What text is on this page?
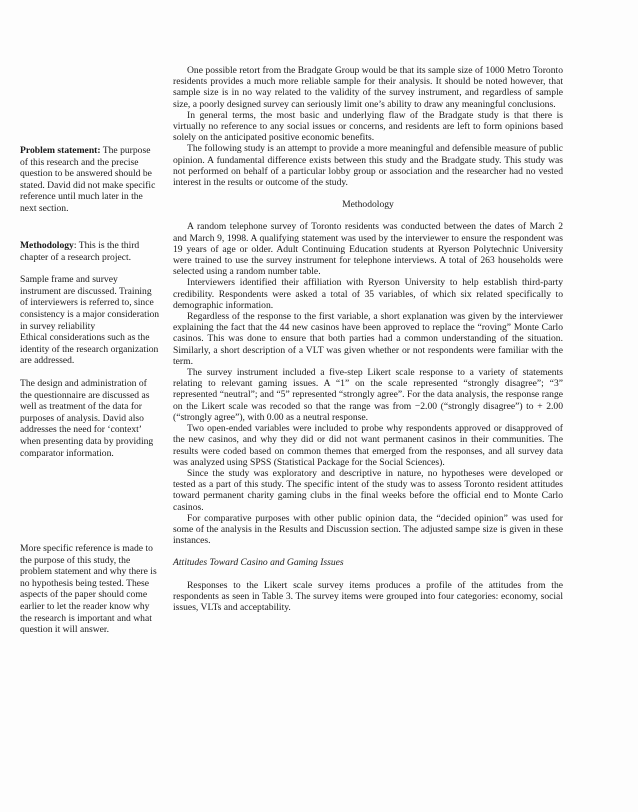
Problem statement: The purpose of this research and the precise question to be answered should be stated. David did not make specific reference until much later in the next section.

Methodology: This is the third chapter of a research project.

Sample frame and survey instrument are discussed. Training of interviewers is referred to, since consistency is a major consideration in survey reliability

Ethical considerations such as the identity of the research organization are addressed.

The design and administration of the questionnaire are discussed as well as treatment of the data for purposes of analysis. David also addresses the need for ‘context’ when presenting data by providing comparator information.

More specific reference is made to the purpose of this study, the problem statement and why there is no hypothesis being tested. These aspects of the paper should come earlier to let the reader know why the research is important and what question it will answer.

One possible retort from the Bradgate Group would be that its sample size of 1000 Metro Toronto residents provides a much more reliable sample for their analysis. It should be noted however, that sample size is in no way related to the validity of the survey instrument, and regardless of sample size, a poorly designed survey can seriously limit one’s ability to draw any meaningful conclusions.

In general terms, the most basic and underlying flaw of the Bradgate study is that there is virtually no reference to any social issues or concerns, and residents are left to form opinions based solely on the anticipated positive economic benefits.

The following study is an attempt to provide a more meaningful and defensible measure of public opinion. A fundamental difference exists between this study and the Bradgate study. This study was not performed on behalf of a particular lobby group or association and the researcher had no vested interest in the results or outcome of the study.

Methodology

A random telephone survey of Toronto residents was conducted between the dates of March 2 and March 9, 1998. A qualifying statement was used by the interviewer to ensure the respondent was 19 years of age or older. Adult Continuing Education students at Ryerson Polytechnic University were trained to use the survey instrument for telephone interviews. A total of 263 households were selected using a random number table.

Interviewers identified their affiliation with Ryerson University to help establish third-party credibility. Respondents were asked a total of 35 variables, of which six related specifically to demographic information.

Regardless of the response to the first variable, a short explanation was given by the interviewer explaining the fact that the 44 new casinos have been approved to replace the “roving” Monte Carlo casinos. This was done to ensure that both parties had a common understanding of the situation. Similarly, a short description of a VLT was given whether or not respondents were familiar with the term.

The survey instrument included a five-step Likert scale response to a variety of statements relating to relevant gaming issues. A “1” on the scale represented “strongly disagree”; “3” represented “neutral”; and “5” represented “strongly agree”. For the data analysis, the response range on the Likert scale was recoded so that the range was from −2.00 (“strongly disagree”) to + 2.00 (“strongly agree”), with 0.00 as a neutral response.

Two open-ended variables were included to probe why respondents approved or disapproved of the new casinos, and why they did or did not want permanent casinos in their communities. The results were coded based on common themes that emerged from the responses, and all survey data was analyzed using SPSS (Statistical Package for the Social Sciences).

Since the study was exploratory and descriptive in nature, no hypotheses were developed or tested as a part of this study. The specific intent of the study was to assess Toronto resident attitudes toward permanent charity gaming clubs in the final weeks before the official end to Monte Carlo casinos.

For comparative purposes with other public opinion data, the “decided opinion” was used for some of the analysis in the Results and Discussion section. The adjusted sampe size is given in these instances.

Attitudes Toward Casino and Gaming Issues

Responses to the Likert scale survey items produces a profile of the attitudes from the respondents as seen in Table 3. The survey items were grouped into four categories: economy, social issues, VLTs and acceptability.
